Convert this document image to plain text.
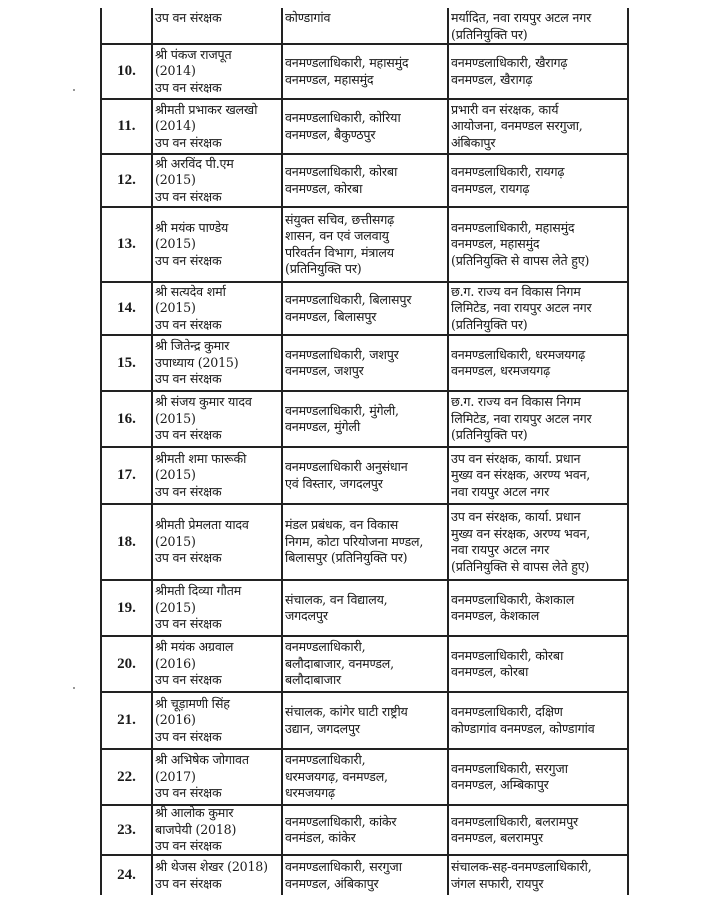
उप वन संरक्षक	कोण्डागांव	मर्यादित, नवा रायपुर अटल नगर
(प्रतिनियुक्ति पर)
10.
श्री पंकज राजपूत
(2014)
उप वन संरक्षक
वनमण्डलाधिकारी, महासमुंद
वनमण्डल, महासमुंद
वनमण्डलाधिकारी, खैरागढ़
वनमण्डल, खैरागढ़
11.
श्रीमती प्रभाकर खलखो
(2014)
उप वन संरक्षक
वनमण्डलाधिकारी, कोरिया
वनमण्डल, बैकुण्ठपुर
प्रभारी वन संरक्षक, कार्य
आयोजना, वनमण्डल सरगुजा,
अंबिकापुर
12.
श्री अरविंद पी.एम
(2015)
उप वन संरक्षक
वनमण्डलाधिकारी, कोरबा
वनमण्डल, कोरबा
वनमण्डलाधिकारी, रायगढ़
वनमण्डल, रायगढ़
13.
श्री मयंक पाण्डेय
(2015)
उप वन संरक्षक
संयुक्त सचिव, छत्तीसगढ़
शासन, वन एवं जलवायु
परिवर्तन विभाग, मंत्रालय
(प्रतिनियुक्ति पर)
वनमण्डलाधिकारी, महासमुंद
वनमण्डल, महासमुंद
(प्रतिनियुक्ति से वापस लेते हुए)
14.
श्री सत्यदेव शर्मा
(2015)
उप वन संरक्षक
वनमण्डलाधिकारी, बिलासपुर
वनमण्डल, बिलासपुर
छ.ग. राज्य वन विकास निगम
लिमिटेड, नवा रायपुर अटल नगर
(प्रतिनियुक्ति पर)
15.
श्री जितेन्द्र कुमार
उपाध्याय (2015)
उप वन संरक्षक
वनमण्डलाधिकारी, जशपुर
वनमण्डल, जशपुर
वनमण्डलाधिकारी, धरमजयगढ़
वनमण्डल, धरमजयगढ़
16.
श्री संजय कुमार यादव
(2015)
उप वन संरक्षक
वनमण्डलाधिकारी, मुंगेली,
वनमण्डल, मुंगेली
छ.ग. राज्य वन विकास निगम
लिमिटेड, नवा रायपुर अटल नगर
(प्रतिनियुक्ति पर)
17.
श्रीमती शमा फारूकी
(2015)
उप वन संरक्षक
वनमण्डलाधिकारी अनुसंधान
एवं विस्तार, जगदलपुर
उप वन संरक्षक, कार्या. प्रधान
मुख्य वन संरक्षक, अरण्य भवन,
नवा रायपुर अटल नगर
18.
श्रीमती प्रेमलता यादव
(2015)
उप वन संरक्षक
मंडल प्रबंधक, वन विकास
निगम, कोटा परियोजना मण्डल,
बिलासपुर (प्रतिनियुक्ति पर)
उप वन संरक्षक, कार्या. प्रधान
मुख्य वन संरक्षक, अरण्य भवन,
नवा रायपुर अटल नगर
(प्रतिनियुक्ति से वापस लेते हुए)
19.
श्रीमती दिव्या गौतम
(2015)
उप वन संरक्षक
संचालक, वन विद्यालय,
जगदलपुर
वनमण्डलाधिकारी, केशकाल
वनमण्डल, केशकाल
20.
श्री मयंक अग्रवाल
(2016)
उप वन संरक्षक
वनमण्डलाधिकारी,
बलौदाबाजार, वनमण्डल,
बलौदाबाजार
वनमण्डलाधिकारी, कोरबा
वनमण्डल, कोरबा
21.
श्री चूड़ामणी सिंह
(2016)
उप वन संरक्षक
संचालक, कांगेर घाटी राष्ट्रीय
उद्यान, जगदलपुर
वनमण्डलाधिकारी, दक्षिण
कोण्डागांव वनमण्डल, कोण्डागांव
22.
श्री अभिषेक जोगावत
(2017)
उप वन संरक्षक
वनमण्डलाधिकारी,
धरमजयगढ़, वनमण्डल,
धरमजयगढ़
वनमण्डलाधिकारी, सरगुजा
वनमण्डल, अम्बिकापुर
23.
श्री आलोक कुमार
बाजपेयी (2018)
उप वन संरक्षक
वनमण्डलाधिकारी, कांकेर
वनमंडल, कांकेर
वनमण्डलाधिकारी, बलरामपुर
वनमण्डल, बलरामपुर
24.
श्री थेजस शेखर (2018)
उप वन संरक्षक
वनमण्डलाधिकारी, सरगुजा
वनमण्डल, अंबिकापुर
संचालक-सह-वनमण्डलाधिकारी,
जंगल सफारी, रायपुर
